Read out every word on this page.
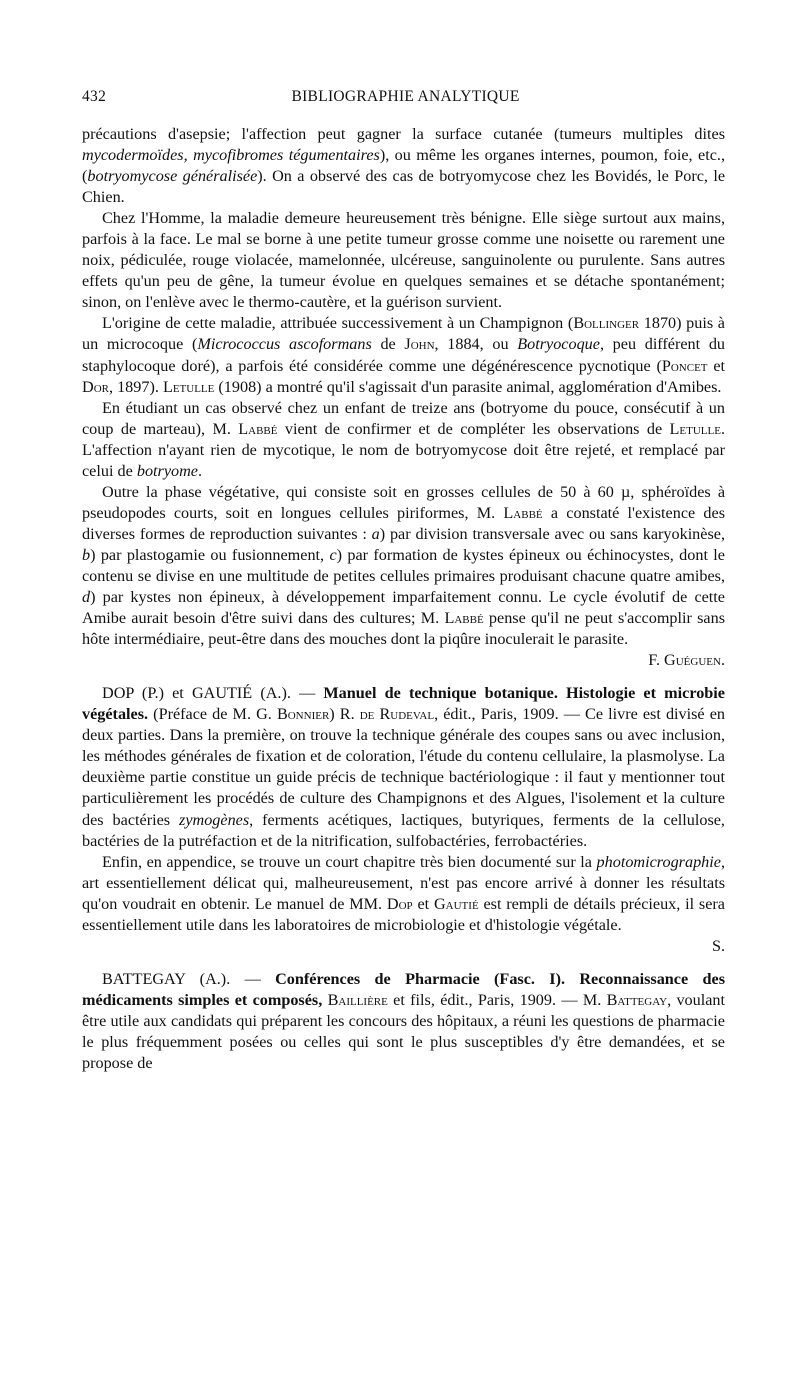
432	BIBLIOGRAPHIE ANALYTIQUE

précautions d'asepsie; l'affection peut gagner la surface cutanée (tumeurs multiples dites mycodermoïdes, mycofibromes tégumentaires), ou même les organes internes, poumon, foie, etc., (botryomycose généralisée). On a observé des cas de botryomycose chez les Bovidés, le Porc, le Chien.

Chez l'Homme, la maladie demeure heureusement très bénigne. Elle siège surtout aux mains, parfois à la face. Le mal se borne à une petite tumeur grosse comme une noisette ou rarement une noix, pédiculée, rouge violacée, mamelonnée, ulcéreuse, sanguinolente ou purulente. Sans autres effets qu'un peu de gêne, la tumeur évolue en quelques semaines et se détache spontanément; sinon, on l'enlève avec le thermo-cautère, et la guérison survient.

L'origine de cette maladie, attribuée successivement à un Champignon (Bollinger 1870) puis à un microcoque (Micrococcus ascoformans de John, 1884, ou Botryocoque, peu différent du staphylocoque doré), a parfois été considérée comme une dégénérescence pycnotique (Poncet et Dor, 1897). Letulle (1908) a montré qu'il s'agissait d'un parasite animal, agglomération d'Amibes.

En étudiant un cas observé chez un enfant de treize ans (botryome du pouce, consécutif à un coup de marteau), M. Labbé vient de confirmer et de compléter les observations de Letulle. L'affection n'ayant rien de mycotique, le nom de botryomycose doit être rejeté, et remplacé par celui de botryome.

Outre la phase végétative, qui consiste soit en grosses cellules de 50 à 60 µ, sphéroïdes à pseudopodes courts, soit en longues cellules piriformes, M. Labbé a constaté l'existence des diverses formes de reproduction suivantes : a) par division transversale avec ou sans karyokinèse, b) par plastogamie ou fusionnement, c) par formation de kystes épineux ou échinocystes, dont le contenu se divise en une multitude de petites cellules primaires produisant chacune quatre amibes, d) par kystes non épineux, à développement imparfaitement connu. Le cycle évolutif de cette Amibe aurait besoin d'être suivi dans des cultures; M. Labbé pense qu'il ne peut s'accomplir sans hôte intermédiaire, peut-être dans des mouches dont la piqûre inoculerait le parasite.

F. Guéguen.

DOP (P.) et GAUTIÉ (A.). — Manuel de technique botanique. Histologie et microbie végétales. (Préface de M. G. Bonnier) R. de Rudeval, édit., Paris, 1909. — Ce livre est divisé en deux parties. Dans la première, on trouve la technique générale des coupes sans ou avec inclusion, les méthodes générales de fixation et de coloration, l'étude du contenu cellulaire, la plasmolyse. La deuxième partie constitue un guide précis de technique bactériologique : il faut y mentionner tout particulièrement les procédés de culture des Champignons et des Algues, l'isolement et la culture des bactéries zymogènes, ferments acétiques, lactiques, butyriques, ferments de la cellulose, bactéries de la putréfaction et de la nitrification, sulfobactéries, ferrobactéries.

Enfin, en appendice, se trouve un court chapitre très bien documenté sur la photomicrographie, art essentiellement délicat qui, malheureusement, n'est pas encore arrivé à donner les résultats qu'on voudrait en obtenir. Le manuel de MM. Dop et Gautié est rempli de détails précieux, il sera essentiellement utile dans les laboratoires de microbiologie et d'histologie végétale.

S.

BATTEGAY (A.). — Conférences de Pharmacie (Fasc. I). Reconnaissance des médicaments simples et composés, Baillière et fils, édit., Paris, 1909. — M. Battegay, voulant être utile aux candidats qui préparent les concours des hôpitaux, a réuni les questions de pharmacie le plus fréquemment posées ou celles qui sont le plus susceptibles d'y être demandées, et se propose de
